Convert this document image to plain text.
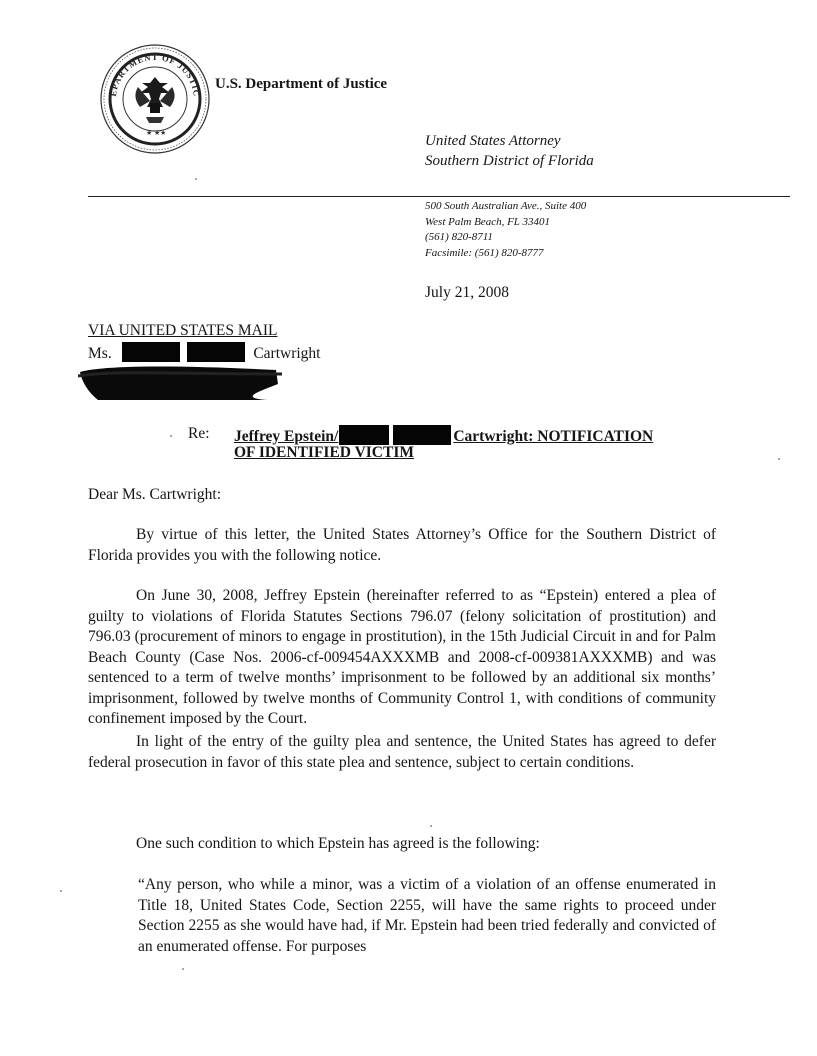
EPARTMENT OF JUSTIC
★ ★ ★
U.S. Department of Justice
United States Attorney
Southern District of Florida
500 South Australian Ave., Suite 400
West Palm Beach, FL 33401
(561) 820-8711
Facsimile: (561) 820-8777
July 21, 2008
VIA UNITED STATES MAIL
Ms.	Cartwright
Re: Jeffrey Epstein/	Cartwright: NOTIFICATION
OF IDENTIFIED VICTIM
Dear Ms. Cartwright:
By virtue of this letter, the United States Attorney’s Office for the Southern District of Florida provides you with the following notice.
On June 30, 2008, Jeffrey Epstein (hereinafter referred to as “Epstein) entered a plea of guilty to violations of Florida Statutes Sections 796.07 (felony solicitation of prostitution) and 796.03 (procurement of minors to engage in prostitution), in the 15th Judicial Circuit in and for Palm Beach County (Case Nos. 2006-cf-009454AXXXMB and 2008-cf-009381AXXXMB) and was sentenced to a term of twelve months’ imprisonment to be followed by an additional six months’ imprisonment, followed by twelve months of Community Control 1, with conditions of community confinement imposed by the Court.
In light of the entry of the guilty plea and sentence, the United States has agreed to defer federal prosecution in favor of this state plea and sentence, subject to certain conditions.
One such condition to which Epstein has agreed is the following:
“Any person, who while a minor, was a victim of a violation of an offense enumerated in Title 18, United States Code, Section 2255, will have the same rights to proceed under Section 2255 as she would have had, if Mr. Epstein had been tried federally and convicted of an enumerated offense. For purposes
